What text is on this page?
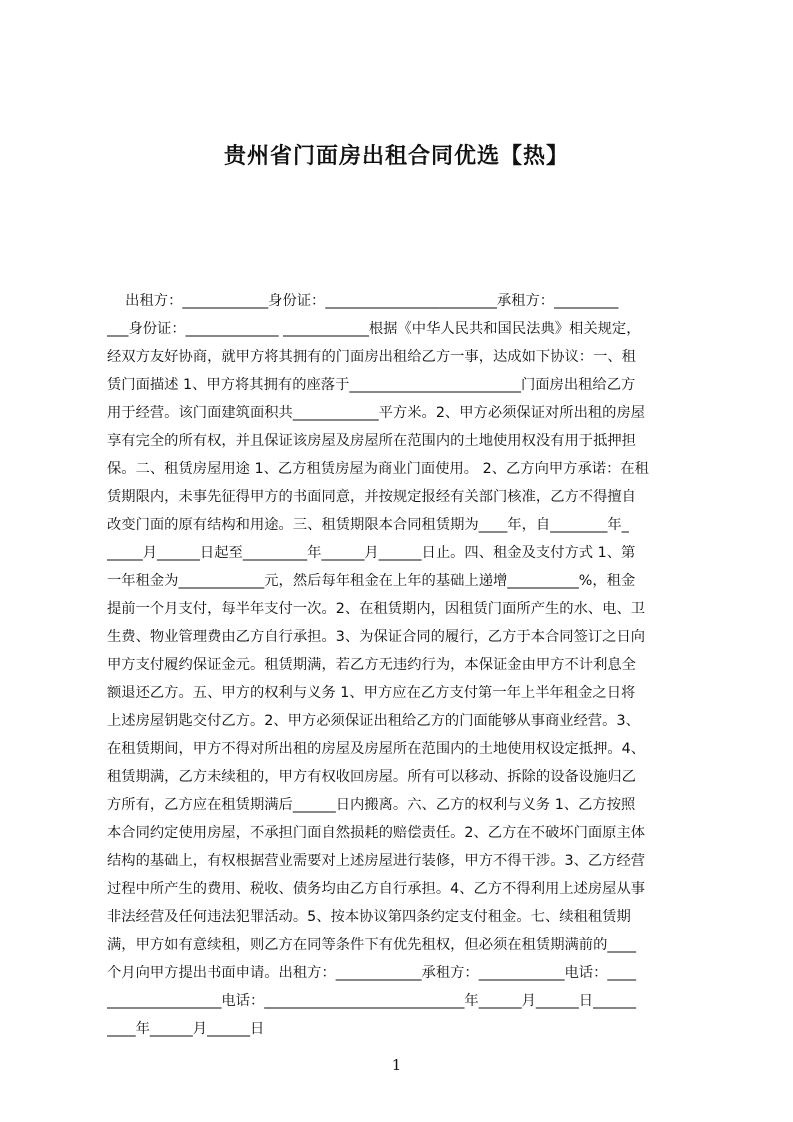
贵州省门面房出租合同优选【热】
出租方：____________身份证：________________________承租方：_________
___身份证：_____________ ____________根据《中华人民共和国民法典》相关规定，
经双方友好协商，就甲方将其拥有的门面房出租给乙方一事，达成如下协议：一、租
赁门面描述 1、甲方将其拥有的座落于________________________门面房出租给乙方
用于经营。该门面建筑面积共____________平方米。2、甲方必须保证对所出租的房屋
享有完全的所有权，并且保证该房屋及房屋所在范围内的土地使用权没有用于抵押担
保。二、租赁房屋用途 1、乙方租赁房屋为商业门面使用。 2、乙方向甲方承诺：在租
赁期限内，未事先征得甲方的书面同意，并按规定报经有关部门核准，乙方不得擅自
改变门面的原有结构和用途。三、租赁期限本合同租赁期为____年，自________年_
_____月______日起至_________年______月______日止。四、租金及支付方式 1、第
一年租金为____________元，然后每年租金在上年的基础上递增__________%，租金
提前一个月支付，每半年支付一次。2、在租赁期内，因租赁门面所产生的水、电、卫
生费、物业管理费由乙方自行承担。3、为保证合同的履行，乙方于本合同签订之日向
甲方支付履约保证金元。租赁期满，若乙方无违约行为，本保证金由甲方不计利息全
额退还乙方。五、甲方的权利与义务 1、甲方应在乙方支付第一年上半年租金之日将
上述房屋钥匙交付乙方。2、甲方必须保证出租给乙方的门面能够从事商业经营。3、
在租赁期间，甲方不得对所出租的房屋及房屋所在范围内的土地使用权设定抵押。4、
租赁期满，乙方未续租的，甲方有权收回房屋。所有可以移动、拆除的设备设施归乙
方所有，乙方应在租赁期满后______日内搬离。六、乙方的权利与义务 1、乙方按照
本合同约定使用房屋，不承担门面自然损耗的赔偿责任。2、乙方在不破坏门面原主体
结构的基础上，有权根据营业需要对上述房屋进行装修，甲方不得干涉。3、乙方经营
过程中所产生的费用、税收、债务均由乙方自行承担。4、乙方不得利用上述房屋从事
非法经营及任何违法犯罪活动。5、按本协议第四条约定支付租金。七、续租租赁期
满，甲方如有意续租，则乙方在同等条件下有优先租权，但必须在租赁期满前的____
个月向甲方提出书面申请。出租方：____________承租方：____________电话：____
________________电话：____________________________年______月______日______
____年______月______日
1
